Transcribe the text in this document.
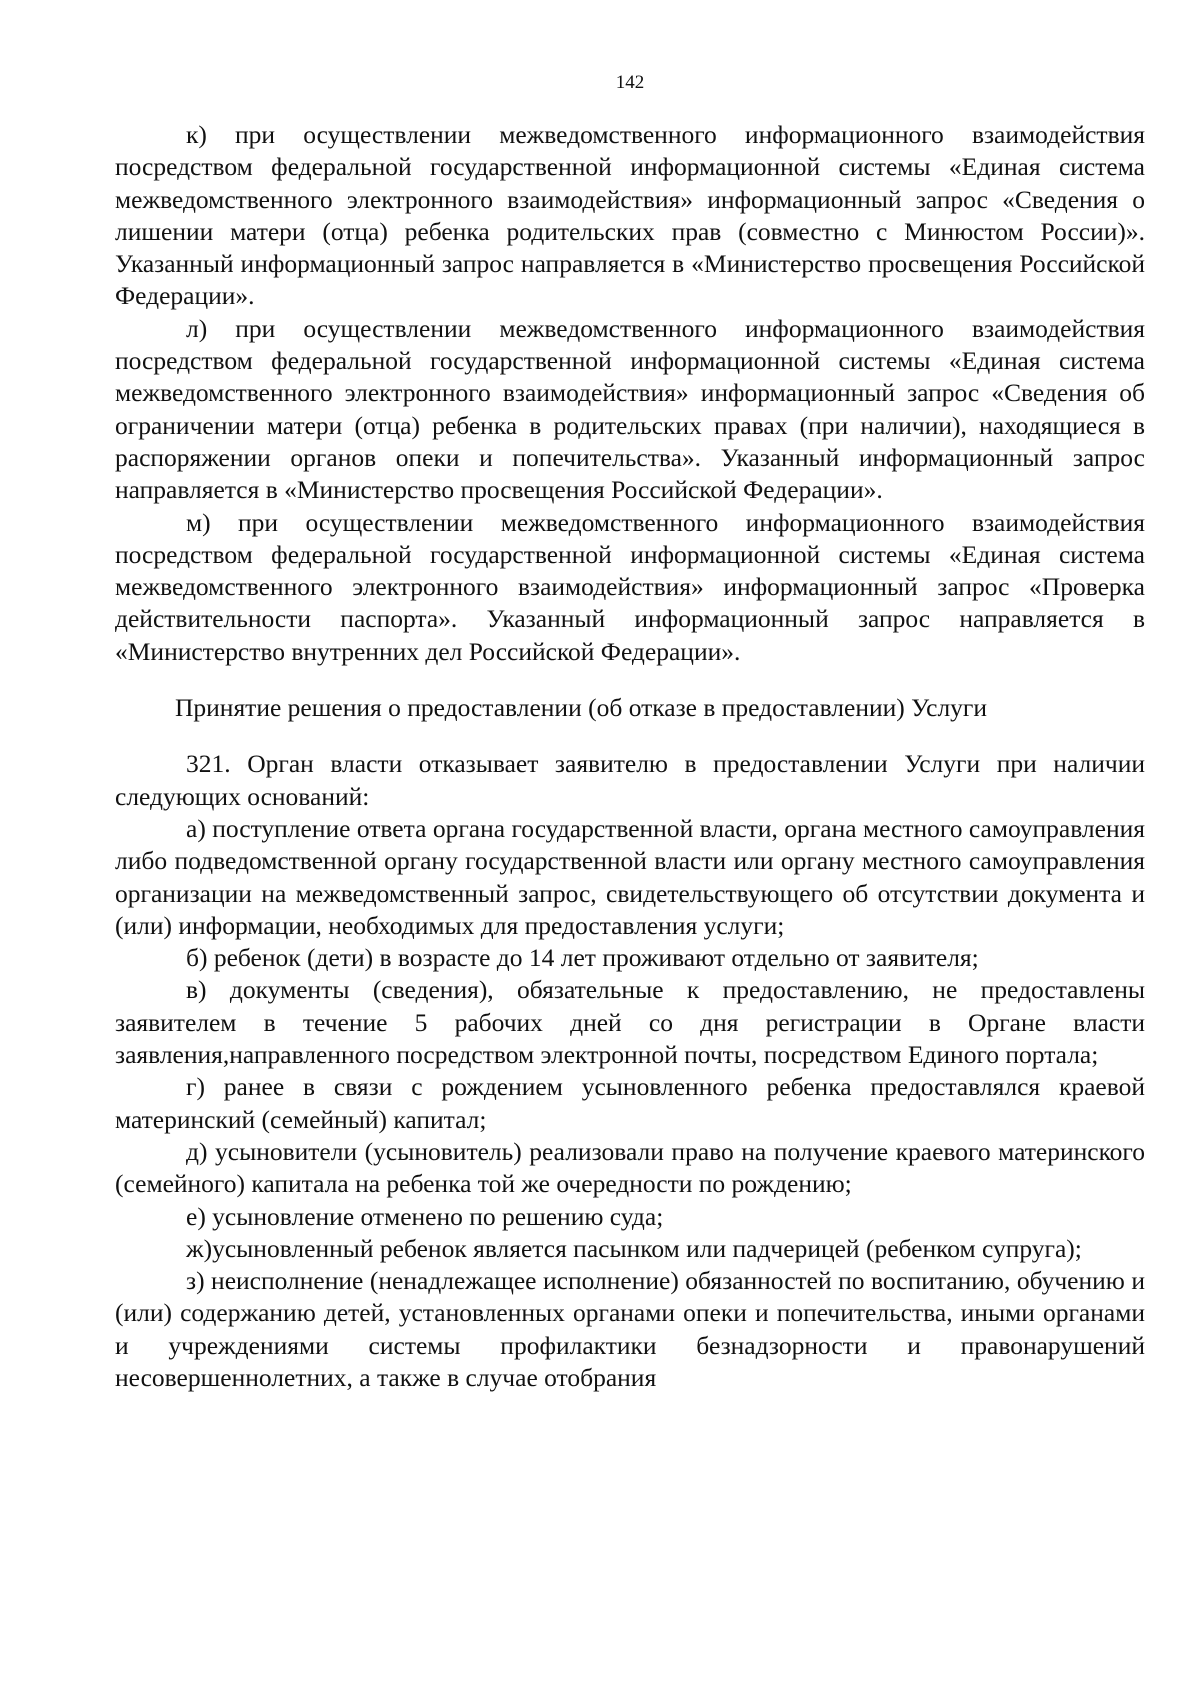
142

к) при осуществлении межведомственного информационного взаимодействия посредством федеральной государственной информационной системы «Единая система межведомственного электронного взаимодействия» информационный запрос «Сведения о лишении матери (отца) ребенка родительских прав (совместно с Минюстом России)». Указанный информационный запрос направляется в «Министерство просвещения Российской Федерации».

л) при осуществлении межведомственного информационного взаимодействия посредством федеральной государственной информационной системы «Единая система межведомственного электронного взаимодействия» информационный запрос «Сведения об ограничении матери (отца) ребенка в родительских правах (при наличии), находящиеся в распоряжении органов опеки и попечительства». Указанный информационный запрос направляется в «Министерство просвещения Российской Федерации».

м) при осуществлении межведомственного информационного взаимодействия посредством федеральной государственной информационной системы «Единая система межведомственного электронного взаимодействия» информационный запрос «Проверка действительности паспорта». Указанный информационный запрос направляется в «Министерство внутренних дел Российской Федерации».

Принятие решения о предоставлении (об отказе в предоставлении) Услуги

321. Орган власти отказывает заявителю в предоставлении Услуги при наличии следующих оснований:

а) поступление ответа органа государственной власти, органа местного самоуправления либо подведомственной органу государственной власти или органу местного самоуправления организации на межведомственный запрос, свидетельствующего об отсутствии документа и (или) информации, необходимых для предоставления услуги;

б) ребенок (дети) в возрасте до 14 лет проживают отдельно от заявителя;

в) документы (сведения), обязательные к предоставлению, не предоставлены заявителем в течение 5 рабочих дней со дня регистрации в Органе власти заявления,направленного посредством электронной почты, посредством Единого портала;

г) ранее в связи с рождением усыновленного ребенка предоставлялся краевой материнский (семейный) капитал;

д) усыновители (усыновитель) реализовали право на получение краевого материнского (семейного) капитала на ребенка той же очередности по рождению;

е) усыновление отменено по решению суда;

ж)усыновленный ребенок является пасынком или падчерицей (ребенком супруга);

з) неисполнение (ненадлежащее исполнение) обязанностей по воспитанию, обучению и (или) содержанию детей, установленных органами опеки и попечительства, иными органами и учреждениями системы профилактики безнадзорности и правонарушений несовершеннолетних, а также в случае отобрания
